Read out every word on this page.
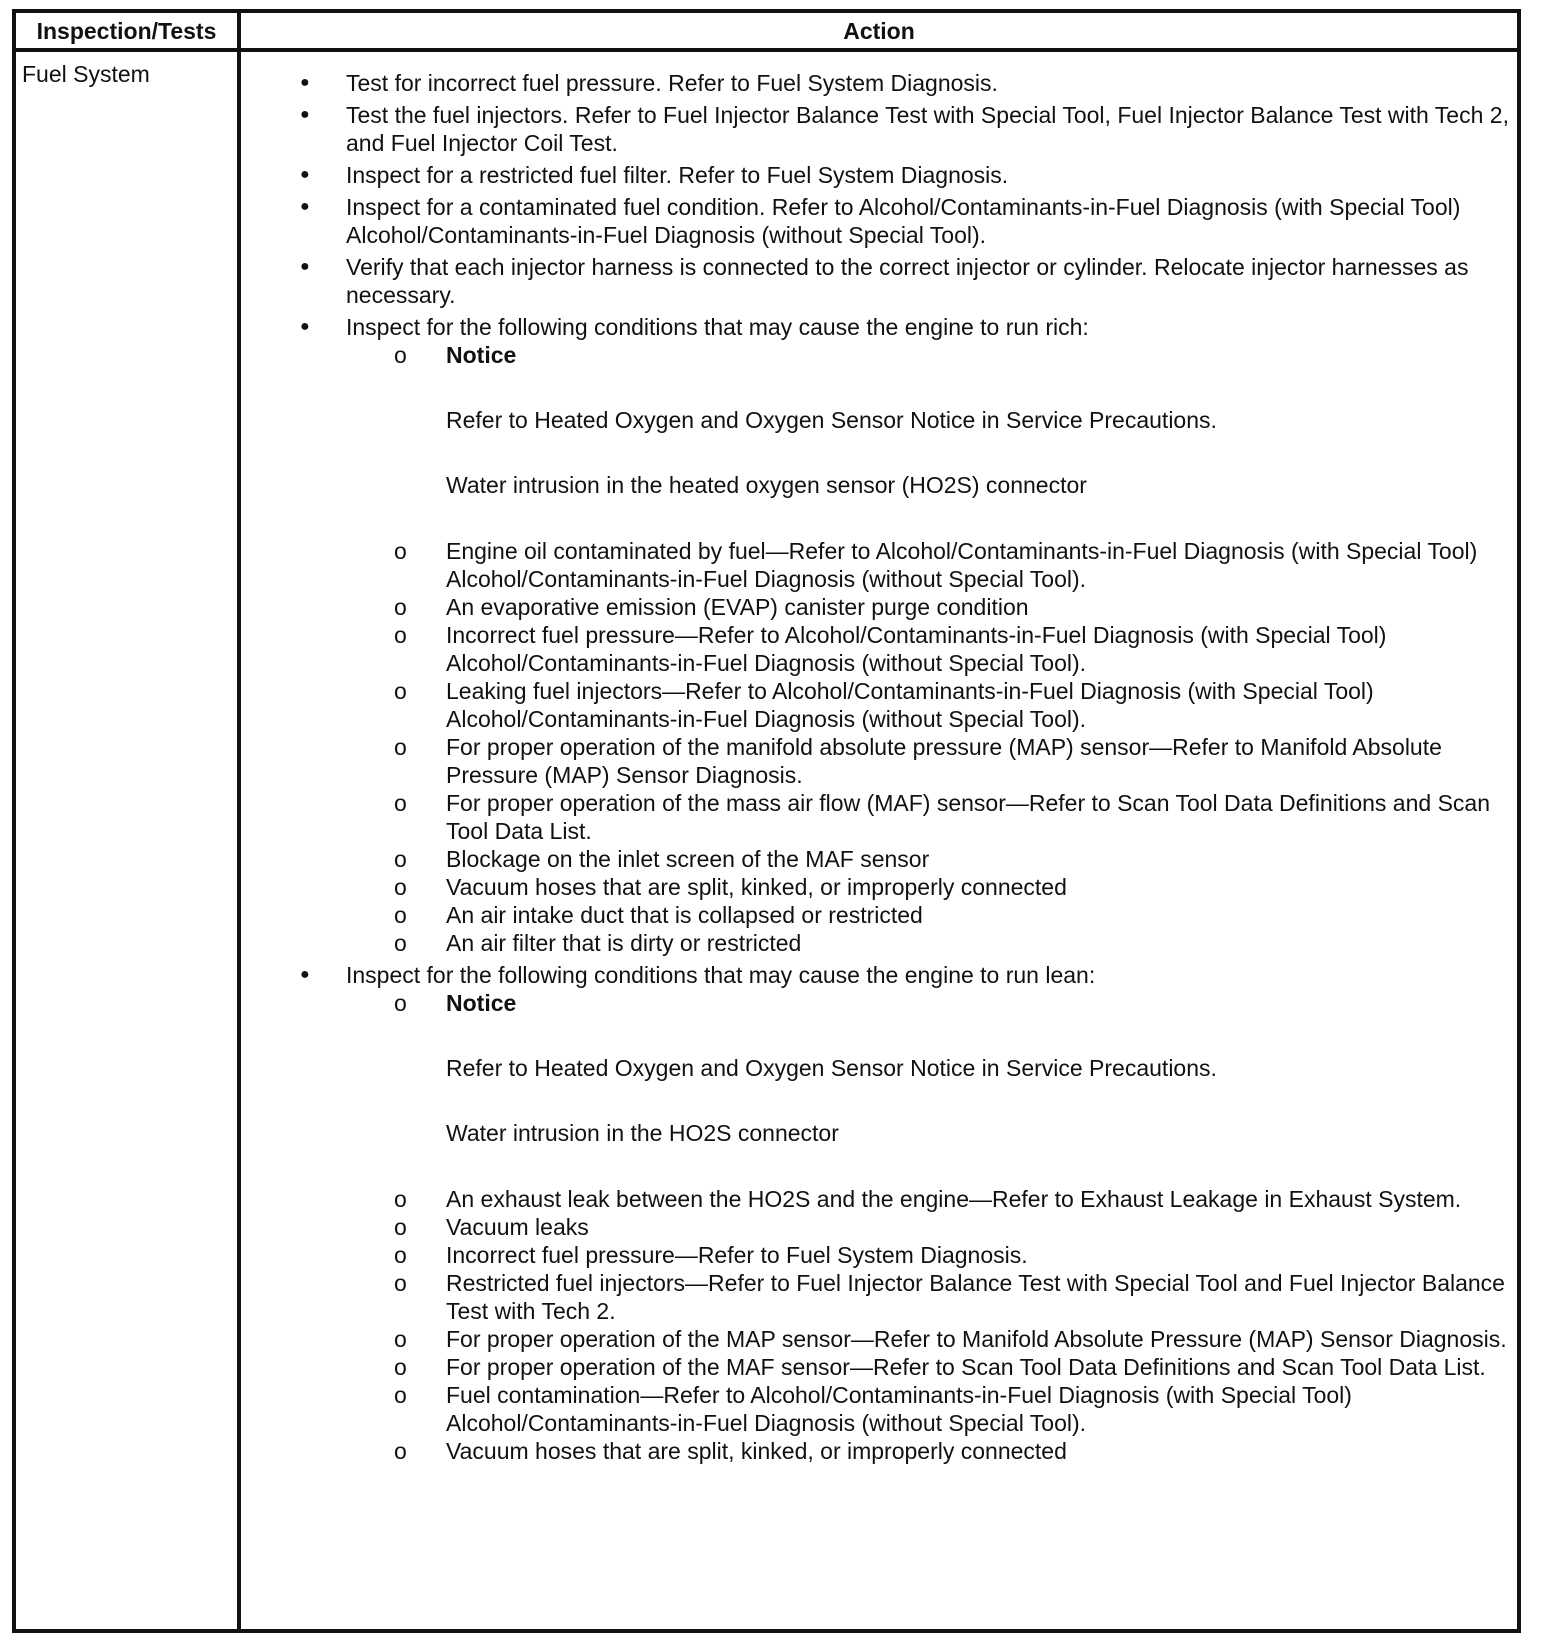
Inspection/Tests	Action
Fuel System
●	Test for incorrect fuel pressure. Refer to Fuel System Diagnosis.
● Test the fuel injectors. Refer to Fuel Injector Balance Test with Special Tool, Fuel Injector Balance Test with Tech 2, and Fuel Injector Coil Test.
● Inspect for a restricted fuel filter. Refer to Fuel System Diagnosis.
● Inspect for a contaminated fuel condition. Refer to Alcohol/Contaminants-in-Fuel Diagnosis (with Special Tool) Alcohol/Contaminants-in-Fuel Diagnosis (without Special Tool).
● Verify that each injector harness is connected to the correct injector or cylinder. Relocate injector harnesses as necessary.
● Inspect for the following conditions that may cause the engine to run rich:
o Notice
Refer to Heated Oxygen and Oxygen Sensor Notice in Service Precautions.
Water intrusion in the heated oxygen sensor (HO2S) connector
o Engine oil contaminated by fuel—Refer to Alcohol/Contaminants-in-Fuel Diagnosis (with Special Tool) Alcohol/Contaminants-in-Fuel Diagnosis (without Special Tool).
o An evaporative emission (EVAP) canister purge condition
o Incorrect fuel pressure—Refer to Alcohol/Contaminants-in-Fuel Diagnosis (with Special Tool) Alcohol/Contaminants-in-Fuel Diagnosis (without Special Tool).
o Leaking fuel injectors—Refer to Alcohol/Contaminants-in-Fuel Diagnosis (with Special Tool) Alcohol/Contaminants-in-Fuel Diagnosis (without Special Tool).
o For proper operation of the manifold absolute pressure (MAP) sensor—Refer to Manifold Absolute Pressure (MAP) Sensor Diagnosis.
o For proper operation of the mass air flow (MAF) sensor—Refer to Scan Tool Data Definitions and Scan Tool Data List.
o Blockage on the inlet screen of the MAF sensor
o Vacuum hoses that are split, kinked, or improperly connected
o An air intake duct that is collapsed or restricted
o An air filter that is dirty or restricted
● Inspect for the following conditions that may cause the engine to run lean:
o Notice
Refer to Heated Oxygen and Oxygen Sensor Notice in Service Precautions.
Water intrusion in the HO2S connector
o An exhaust leak between the HO2S and the engine—Refer to Exhaust Leakage in Exhaust System.
o Vacuum leaks
o Incorrect fuel pressure—Refer to Fuel System Diagnosis.
o Restricted fuel injectors—Refer to Fuel Injector Balance Test with Special Tool and Fuel Injector Balance Test with Tech 2.
o For proper operation of the MAP sensor—Refer to Manifold Absolute Pressure (MAP) Sensor Diagnosis.
o For proper operation of the MAF sensor—Refer to Scan Tool Data Definitions and Scan Tool Data List.
o Fuel contamination—Refer to Alcohol/Contaminants-in-Fuel Diagnosis (with Special Tool) Alcohol/Contaminants-in-Fuel Diagnosis (without Special Tool).
o Vacuum hoses that are split, kinked, or improperly connected
